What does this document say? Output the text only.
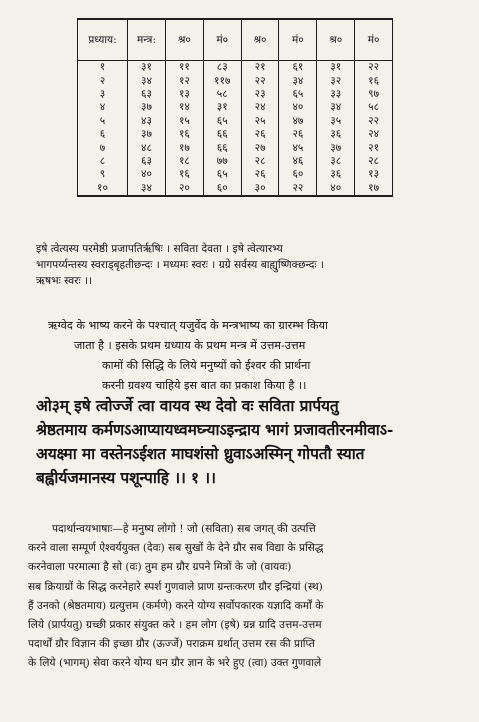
प्रध्याय:	मन्त्र:	श्र०	मं०	श्र०	मं०	श्र०	मं०
१	३१	११	८३	२१	६१	३१	२२
२	३४	१२	११७	२२	३४	३२	१६
३	६३	१३	५८	२३	६५	३३	९७
४	३७	१४	३१	२४	४०	३४	५८
५	४३	१५	६५	२५	४७	३५	२२
६	३७	१६	६६	२६	२६	३६	२४
७	४८	१७	६६	२७	४५	३७	२१
८	६३	१८	७७	२८	४६	३८	२८
९	४०	१६	६५	२६	६०	३६	१३
१०	३४	२०	६०	३०	२२	४०	१७
इषे त्वेत्यस्य परमेष्ठी प्रजापतिर्ऋषिः । सविता देवता । इषे त्वेत्यारभ्य
भागपर्य्यन्तस्य स्वराड्बृहतीछन्दः । मध्यमः स्वरः । ग्रग्रे सर्वस्य बाह्युष्णिक्छन्दः ।
ऋषभः स्वरः ।।
ऋग्वेद के भाष्य करने के पश्चात् यजुर्वेद के मन्त्रभाष्य का ग्रारम्भ किया
जाता है । इसके प्रथम ग्रध्याय के प्रथम मन्त्र में उत्तम-उत्तम
कामों की सिद्धि के लिये मनुष्यों को ईश्वर की प्रार्थना
करनी ग्रवश्य चाहिये इस बात का प्रकाश किया है ।।
ओ३म् इषे त्वोर्ज्जे त्वा वायव स्थ देवो वः सविता प्रार्पयतु
श्रेष्ठतमाय कर्मणऽआप्यायध्वमघ्न्याऽइन्द्राय भागं प्रजावतीरनमीवाऽ-
अयक्ष्मा मा वस्तेनऽईशत माघशंसो ध्रुवाऽअस्मिन् गोपतौ स्यात
बह्वीर्यजमानस्य पशून्पाहि ।। १ ।।
पदार्थान्वयभाषाः—हे मनुष्य लोगो ! जो (सविता) सब जगत् की उत्पत्ति
करने वाला सम्पूर्ण ऐश्वर्ययुक्त (देवः) सब सुखों के देने ग्रौर सब विद्या के प्रसिद्ध
करनेवाला परमात्मा है सो (वः) तुम हम ग्रौर ग्रपने मित्रों के जो (वायवः)
सब क्रियाग्रों के सिद्ध करनेहारे स्पर्श गुणवाले प्राण ग्रन्तःकरण ग्रौर इन्द्रियां (स्थ)
हैं उनको (श्रेष्ठतमाय) ग्रत्युत्तम (कर्मणे) करने योग्य सर्वोपकारक यज्ञादि कर्मों के
लिये (प्रार्पयतु) ग्रच्छी प्रकार संयुक्त करे । हम लोग (इषे) ग्रन्न ग्रादि उत्तम-उत्तम
पदार्थों ग्रौर विज्ञान की इच्छा ग्रौर (ऊर्ज्जे) पराक्रम ग्रर्थात् उत्तम रस की प्राप्ति
के लिये (भागम्) सेवा करने योग्य धन ग्रौर ज्ञान के भरे हुए (त्वा) उक्त गुणवाले
